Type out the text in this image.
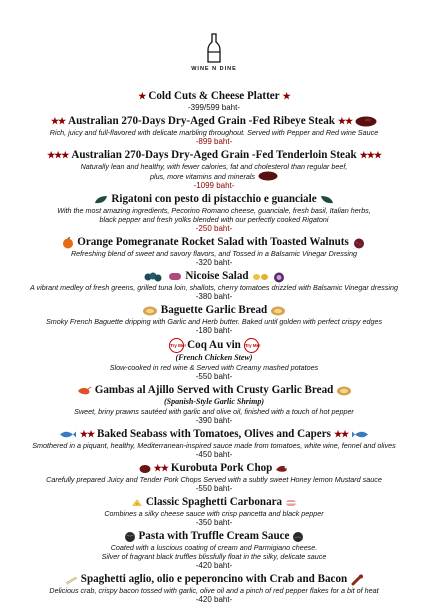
WINE N DINE
★ Cold Cuts & Cheese Platter ★
-399/599 baht-
★★ Australian 270-Days Dry-Aged Grain -Fed Ribeye Steak ★★
Rich, juicy and full-flavored with delicate marbling throughout. Served with Pepper and Red wine Sauce
-899 baht-
★★★ Australian 270-Days Dry-Aged Grain -Fed Tenderloin Steak ★★★
Naturally lean and healthy, with fewer calories, fat and cholesterol than regular beef,
plus, more vitamins and minerals
-1099 baht-
Rigatoni con pesto di pistacchio e guanciale
With the most amazing ingredients, Pecorino Romano cheese, guanciale, fresh basil, Italian herbs,
black pepper and fresh yolks blended with our perfectly cooked Rigatoni
-250 baht-
Orange Pomegranate Rocket Salad with Toasted Walnuts
Refreshing blend of sweet and savory flavors, and Tossed in a Balsamic Vinegar Dressing
-320 baht-
Nicoise Salad
A vibrant medley of fresh greens, grilled tuna loin, shallots, cherry tomatoes drizzled with Balsamic Vinegar dressing
-380 baht-
Baguette Garlic Bread
Smoky French Baguette dripping with Garlic and Herb butter. Baked until golden with perfect crispy edges
-180 baht-
Try Me! Coq Au vin Try Me!
(French Chicken Stew)
Slow-cooked in red wine & Served with Creamy mashed potatoes
-550 baht-
Gambas al Ajillo Served with Crusty Garlic Bread
(Spanish-Style Garlic Shrimp)
Sweet, briny prawns sautéed with garlic and olive oil, finished with a touch of hot pepper
-390 baht-
★★ Baked Seabass with Tomatoes, Olives and Capers ★★
Smothered in a piquant, healthy, Mediterranean-inspired sauce made from tomatoes, white wine, fennel and olives
-450 baht-
★★ Kurobuta Pork Chop
Carefully prepared Juicy and Tender Pork Chops Served with a subtly sweet Honey lemon Mustard sauce
-550 baht-
Classic Spaghetti Carbonara
Combines a silky cheese sauce with crisp pancetta and black pepper
-350 baht-
Pasta with Truffle Cream Sauce
Coated with a luscious coating of cream and Parmigiano cheese.
Silver of fragrant black truffles blissfully float in the silky, delicate sauce
-420 baht-
Spaghetti aglio, olio e peperoncino with Crab and Bacon
Delicious crab, crispy bacon tossed with garlic, olive oil and a pinch of red pepper flakes for a bit of heat
-420 baht-
